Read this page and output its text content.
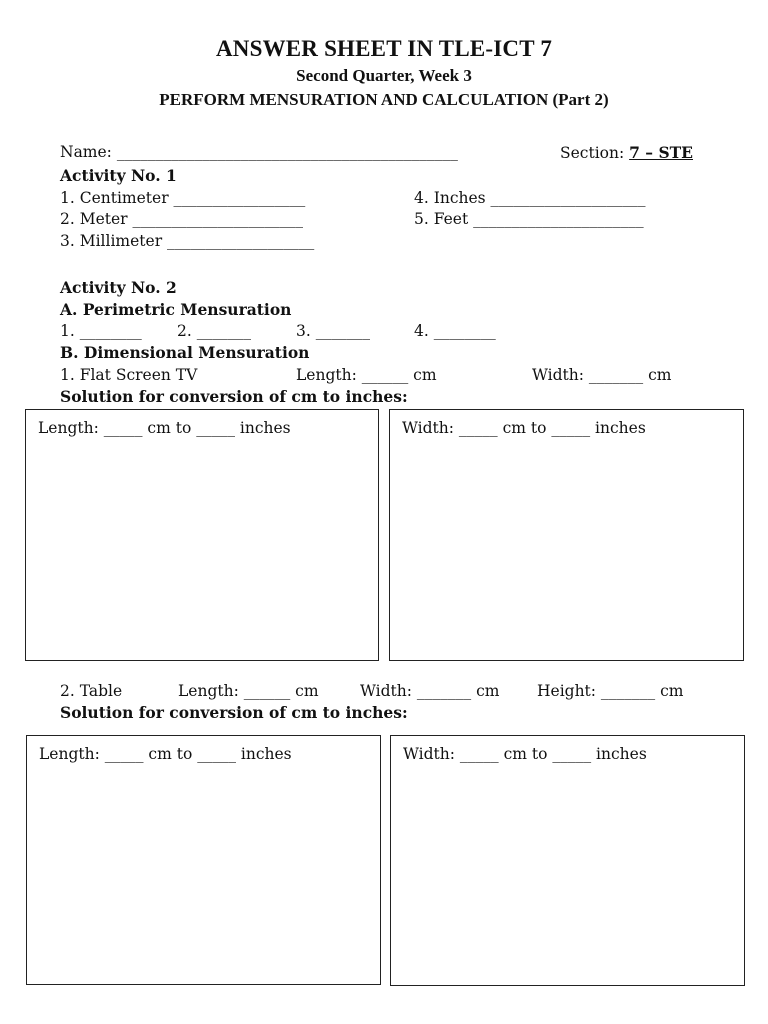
ANSWER SHEET IN TLE-ICT 7
Second Quarter, Week 3
PERFORM MENSURATION AND CALCULATION (Part 2)
Name: ____________________________________________	Section: 7 – STE
Activity No. 1
1. Centimeter _________________
2. Meter ______________________
3. Millimeter ___________________
4. Inches ____________________
5. Feet ______________________
Activity No. 2
A. Perimetric Mensuration
1. ________ 2. _______	3. _______	4. ________
B. Dimensional Mensuration
1. Flat Screen TV	Length: ______ cm	Width: _______ cm
Solution for conversion of cm to inches:
Length: _____ cm to _____ inches	Width: _____ cm to _____ inches
2. Table	Length: ______ cm	Width: _______ cm Height: _______ cm
Solution for conversion of cm to inches:
Length: _____ cm to _____ inches	Width: _____ cm to _____ inches
